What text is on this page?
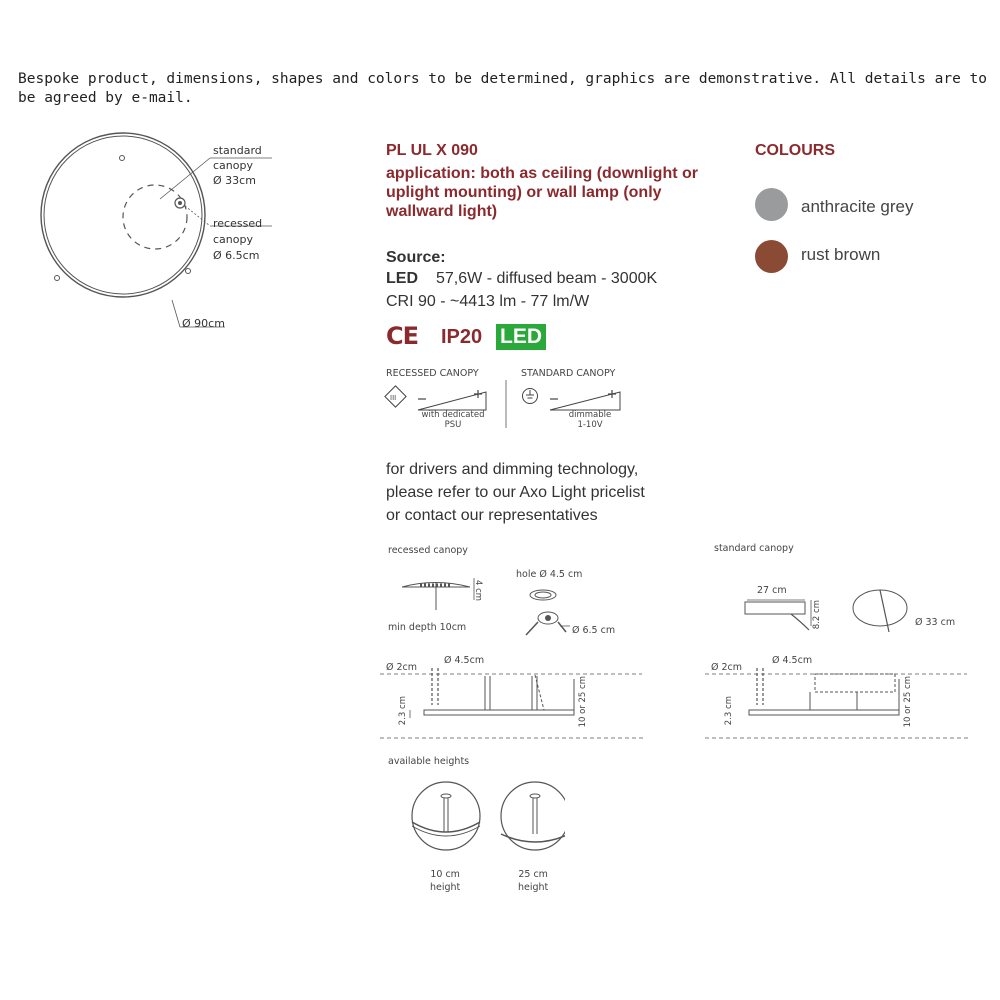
Bespoke product, dimensions, shapes and colors to be determined, graphics are demonstrative. All details are to be agreed by e-mail.
standard
canopy
Ø 33cm
recessed
canopy
Ø 6.5cm
Ø 90cm
PL UL X 090
application: both as ceiling (downlight or uplight mounting) or wall lamp (only wallward light)
Source:
LED 57,6W - diffused beam - 3000K
CRI 90 - ~4413 lm - 77 lm/W
CE IP20 LED
RECESSED CANOPY	STANDARD CANOPY
III
with dedicated
PSU
dimmable
1-10V
for drivers and dimming technology,
please refer to our Axo Light pricelist
or contact our representatives
COLOURS
anthracite grey
rust brown
recessed canopy	standard canopy
4 cm
min depth 10cm
hole Ø 4.5 cm
Ø 6.5 cm
Ø 2cm
Ø 4.5cm
2.3 cm	10 or 25 cm
27 cm
8.2 cm	Ø 33 cm
Ø 2cm
Ø 4.5cm
2.3 cm	10 or 25 cm
available heights
10 cm
height
25 cm
height
